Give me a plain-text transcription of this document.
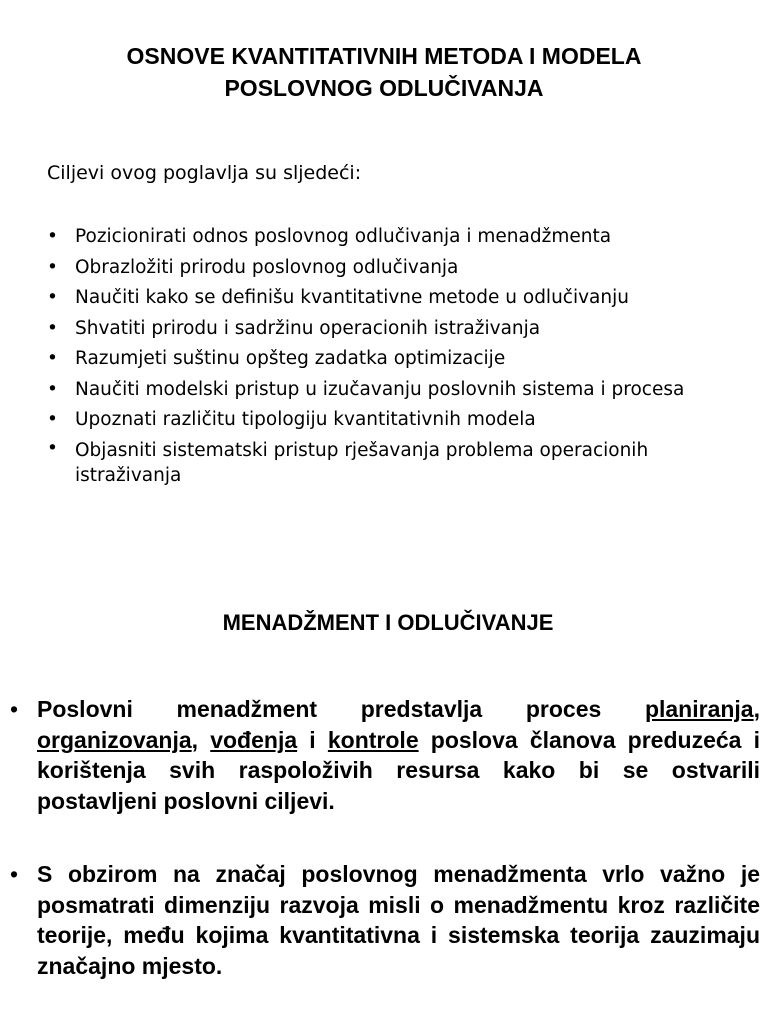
OSNOVE KVANTITATIVNIH METODA I MODELA
POSLOVNOG ODLUČIVANJA

Ciljevi ovog poglavlja su sljedeći:

• Pozicionirati odnos poslovnog odlučivanja i menadžmenta
• Obrazložiti prirodu poslovnog odlučivanja
• Naučiti kako se definišu kvantitativne metode u odlučivanju
• Shvatiti prirodu i sadržinu operacionih istraživanja
• Razumjeti suštinu opšteg zadatka optimizacije
• Naučiti modelski pristup u izučavanju poslovnih sistema i procesa
• Upoznati različitu tipologiju kvantitativnih modela
• Objasniti sistematski pristup rješavanja problema operacionih istraživanja
MENADŽMENT I ODLUČIVANJE

• Poslovni menadžment predstavlja proces planiranja, organizovanja, vođenja i kontrole poslova članova preduzeća i korištenja svih raspoloživih resursa kako bi se ostvarili postavljeni poslovni ciljevi.

• S obzirom na značaj poslovnog menadžmenta vrlo važno je posmatrati dimenziju razvoja misli o menadžmentu kroz različite teorije, među kojima kvantitativna i sistemska teorija zauzimaju značajno mjesto.
